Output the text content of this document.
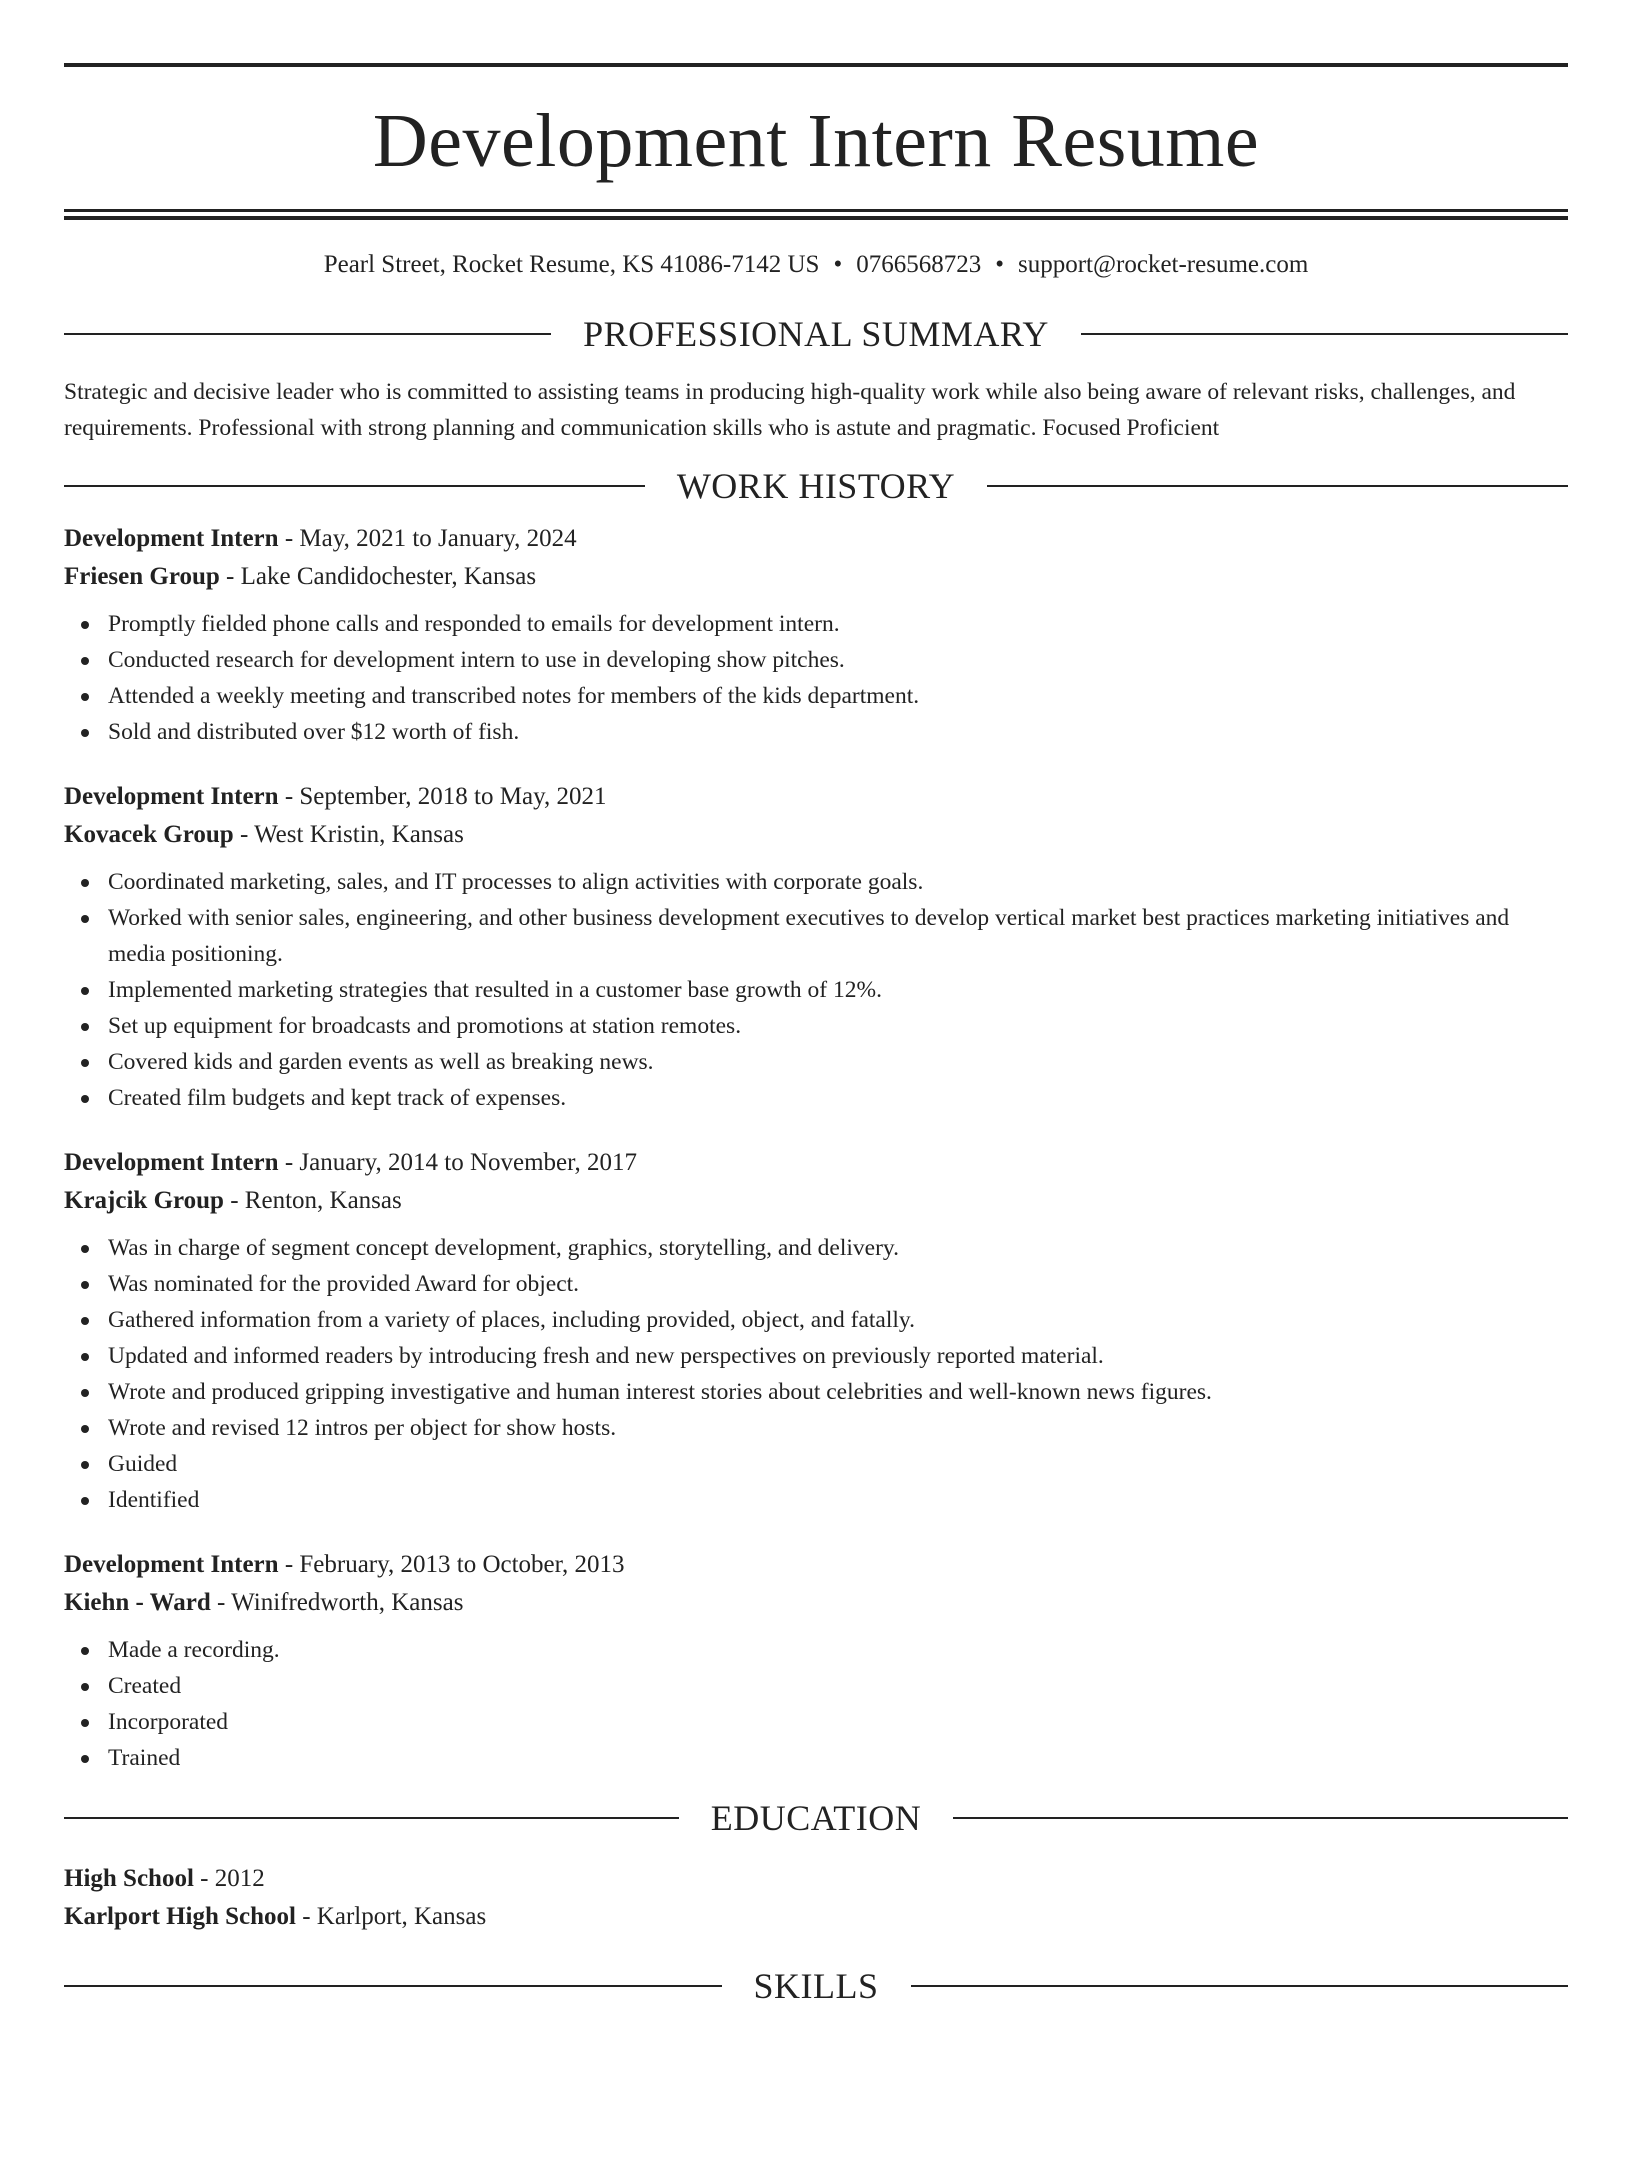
Development Intern Resume
Pearl Street, Rocket Resume, KS 41086-7142 US • 0766568723 • support@rocket-resume.com
PROFESSIONAL SUMMARY
Strategic and decisive leader who is committed to assisting teams in producing high-quality work while also being aware of relevant risks, challenges, and requirements. Professional with strong planning and communication skills who is astute and pragmatic. Focused Proficient
WORK HISTORY
Development Intern - May, 2021 to January, 2024
Friesen Group - Lake Candidochester, Kansas
Promptly fielded phone calls and responded to emails for development intern.
Conducted research for development intern to use in developing show pitches.
Attended a weekly meeting and transcribed notes for members of the kids department.
Sold and distributed over $12 worth of fish.
Development Intern - September, 2018 to May, 2021
Kovacek Group - West Kristin, Kansas
Coordinated marketing, sales, and IT processes to align activities with corporate goals.
Worked with senior sales, engineering, and other business development executives to develop vertical market best practices marketing initiatives and media positioning.
Implemented marketing strategies that resulted in a customer base growth of 12%.
Set up equipment for broadcasts and promotions at station remotes.
Covered kids and garden events as well as breaking news.
Created film budgets and kept track of expenses.
Development Intern - January, 2014 to November, 2017
Krajcik Group - Renton, Kansas
Was in charge of segment concept development, graphics, storytelling, and delivery.
Was nominated for the provided Award for object.
Gathered information from a variety of places, including provided, object, and fatally.
Updated and informed readers by introducing fresh and new perspectives on previously reported material.
Wrote and produced gripping investigative and human interest stories about celebrities and well-known news figures.
Wrote and revised 12 intros per object for show hosts.
Guided
Identified
Development Intern - February, 2013 to October, 2013
Kiehn - Ward - Winifredworth, Kansas
Made a recording.
Created
Incorporated
Trained
EDUCATION
High School - 2012
Karlport High School - Karlport, Kansas
SKILLS
